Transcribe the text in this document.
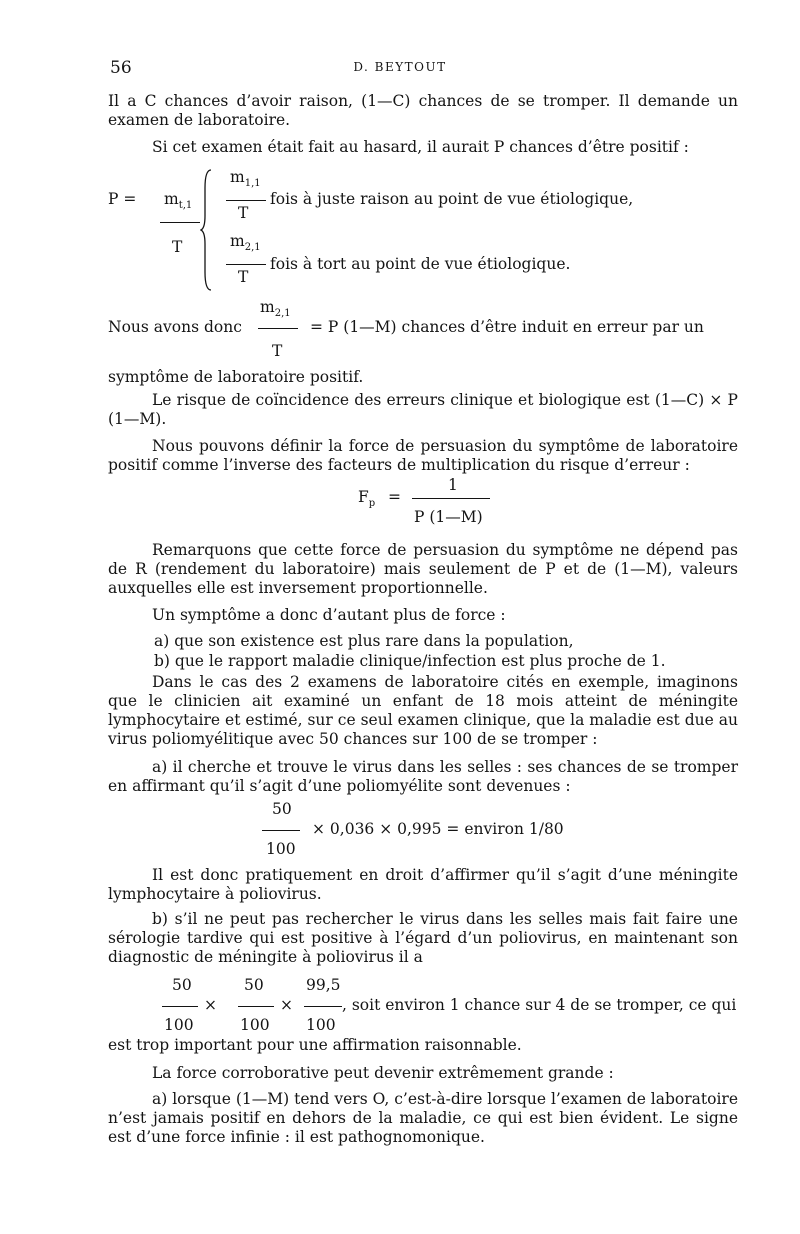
56	D. BEYTOUT
Il a C chances d’avoir raison, (1—C) chances de se tromper. Il demande un examen de laboratoire.
Si cet examen était fait au hasard, il aurait P chances d’être positif :
$P = m_{t,1}$
T
$m_{1,1}$
T
fois à juste raison au point de vue étiologique,
$m_{2,1}$
T
fois à tort au point de vue étiologique.
$m_{2,1}$
Nous avons donc	= P (1—M) chances d’être induit en erreur par un
T
symptôme de laboratoire positif.
Le risque de coïncidence des erreurs clinique et biologique est (1—C) × P (1—M).
Nous pouvons définir la force de persuasion du symptôme de laboratoire positif comme l’inverse des facteurs de multiplication du risque d’erreur :
1
$F_p$ =
P (1—M)
Remarquons que cette force de persuasion du symptôme ne dépend pas de R (rendement du laboratoire) mais seulement de P et de (1—M), valeurs auxquelles elle est inversement proportionnelle.
Un symptôme a donc d’autant plus de force :
a) que son existence est plus rare dans la population,
b) que le rapport maladie clinique/infection est plus proche de 1.
Dans le cas des 2 examens de laboratoire cités en exemple, imaginons que le clinicien ait examiné un enfant de 18 mois atteint de méningite lymphocytaire et estimé, sur ce seul examen clinique, que la maladie est due au virus poliomyélitique avec 50 chances sur 100 de se tromper :
a) il cherche et trouve le virus dans les selles : ses chances de se tromper en affirmant qu’il s’agit d’une poliomyélite sont devenues :
50
× 0,036 × 0,995 = environ 1/80
100
Il est donc pratiquement en droit d’affirmer qu’il s’agit d’une méningite lymphocytaire à poliovirus.
b) s’il ne peut pas rechercher le virus dans les selles mais fait faire une sérologie tardive qui est positive à l’égard d’un poliovirus, en maintenant son diagnostic de méningite à poliovirus il a
50	50	99,5
×	×	, soit environ 1 chance sur 4 de se tromper, ce qui
100	100 100
est trop important pour une affirmation raisonnable.
La force corroborative peut devenir extrêmement grande :
a) lorsque (1—M) tend vers O, c’est-à-dire lorsque l’examen de laboratoire n’est jamais positif en dehors de la maladie, ce qui est bien évident. Le signe est d’une force infinie : il est pathognomonique.
